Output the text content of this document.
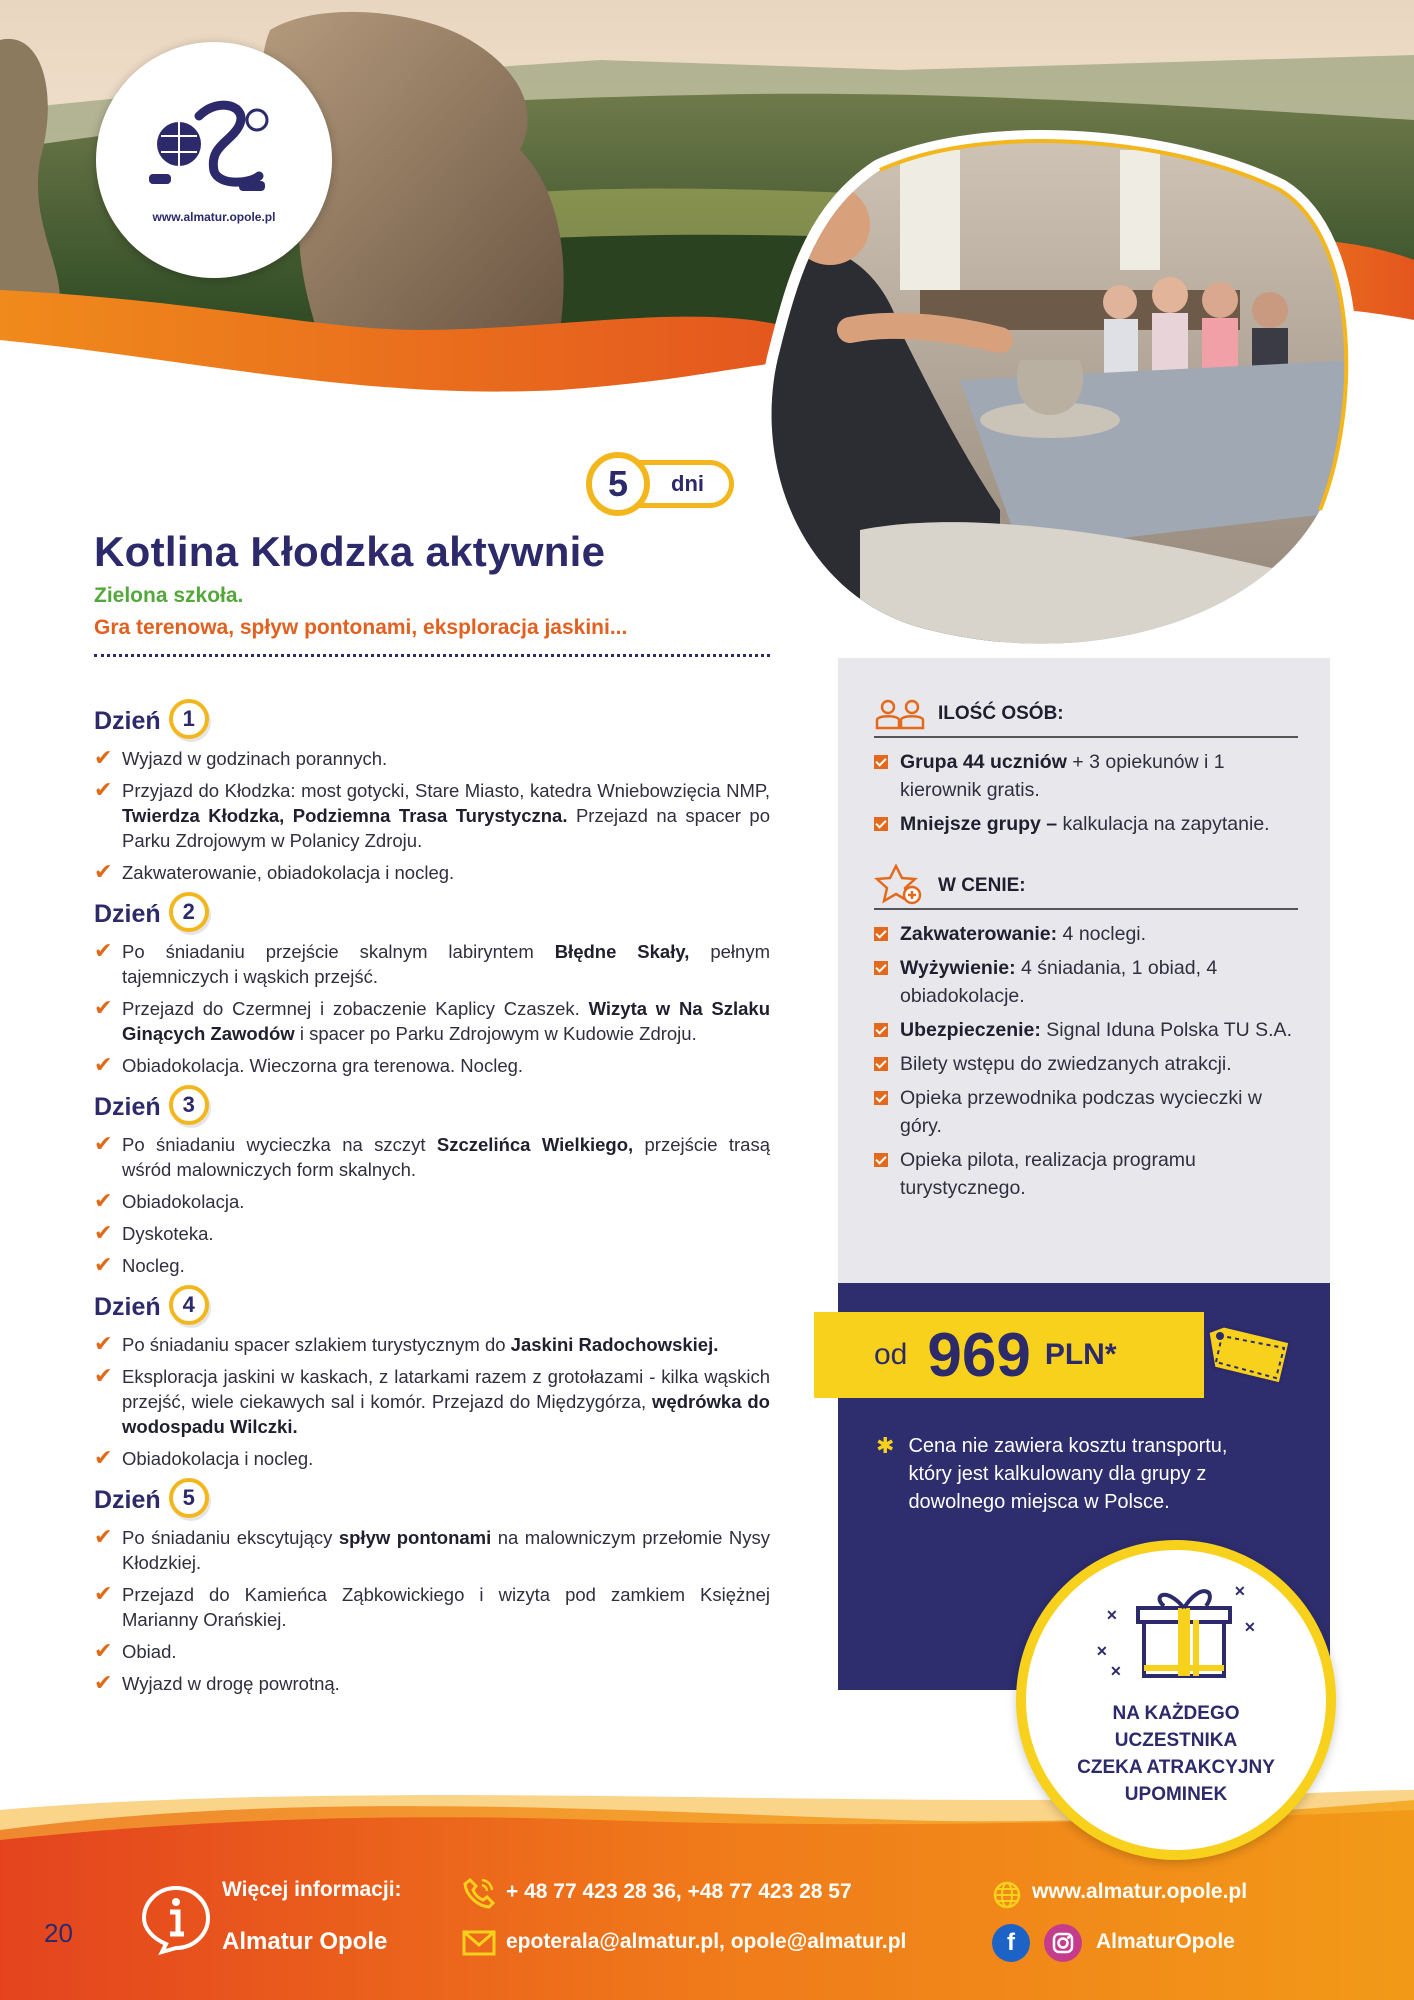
www.almatur.opole.pl
dni
5
Kotlina Kłodzka aktywnie
Zielona szkoła.
Gra terenowa, spływ pontonami, eksploracja jaskini...
Dzień 1
✔ Wyjazd w godzinach porannych.
✔ Przyjazd do Kłodzka: most gotycki, Stare Miasto, katedra Wniebowzięcia NMP, Twierdza Kłodzka, Podziemna Trasa Turystyczna. Przejazd na spacer po Parku Zdrojowym w Polanicy Zdroju.
✔ Zakwaterowanie, obiadokolacja i nocleg.
Dzień 2
✔ Po śniadaniu przejście skalnym labiryntem Błędne Skały, pełnym tajemniczych i wąskich przejść.
✔ Przejazd do Czermnej i zobaczenie Kaplicy Czaszek. Wizyta w Na Szlaku Ginących Zawodów i spacer po Parku Zdrojowym w Kudowie Zdroju.
✔ Obiadokolacja. Wieczorna gra terenowa. Nocleg.
Dzień 3
✔ Po śniadaniu wycieczka na szczyt Szczelińca Wielkiego, przejście trasą wśród malowniczych form skalnych.
✔ Obiadokolacja.
✔ Dyskoteka.
✔ Nocleg.
Dzień 4
✔ Po śniadaniu spacer szlakiem turystycznym do Jaskini Radochowskiej.
✔ Eksploracja jaskini w kaskach, z latarkami razem z grotołazami - kilka wąskich przejść, wiele ciekawych sal i komór. Przejazd do Międzygórza, wędrówka do wodospadu Wilczki.
✔ Obiadokolacja i nocleg.
Dzień 5
✔ Po śniadaniu ekscytujący spływ pontonami na malowniczym przełomie Nysy Kłodzkiej.
✔ Przejazd do Kamieńca Ząbkowickiego i wizyta pod zamkiem Księżnej Marianny Orańskiej.
✔ Obiad.
✔ Wyjazd w drogę powrotną.
ILOŚĆ OSÓB:
Grupa 44 uczniów + 3 opiekunów i 1 kierownik gratis.
Mniejsze grupy – kalkulacja na zapytanie.
W CENIE:
Zakwaterowanie: 4 noclegi.
Wyżywienie: 4 śniadania, 1 obiad, 4 obiadokolacje.
Ubezpieczenie: Signal Iduna Polska TU S.A.
Bilety wstępu do zwiedzanych atrakcji.
Opieka przewodnika podczas wycieczki w góry.
Opieka pilota, realizacja programu turystycznego.
od 969 PLN*
✱ Cena nie zawiera kosztu transportu, który jest kalkulowany dla grupy z dowolnego miejsca w Polsce.
✕
✕
✕
✕
✕
NA KAŻDEGO
UCZESTNIKA
CZEKA ATRAKCYJNY
UPOMINEK
20
Więcej informacji:
Almatur Opole
+ 48 77 423 28 36, +48 77 423 28 57
epoterala@almatur.pl, opole@almatur.pl
www.almatur.opole.pl
f	AlmaturOpole
